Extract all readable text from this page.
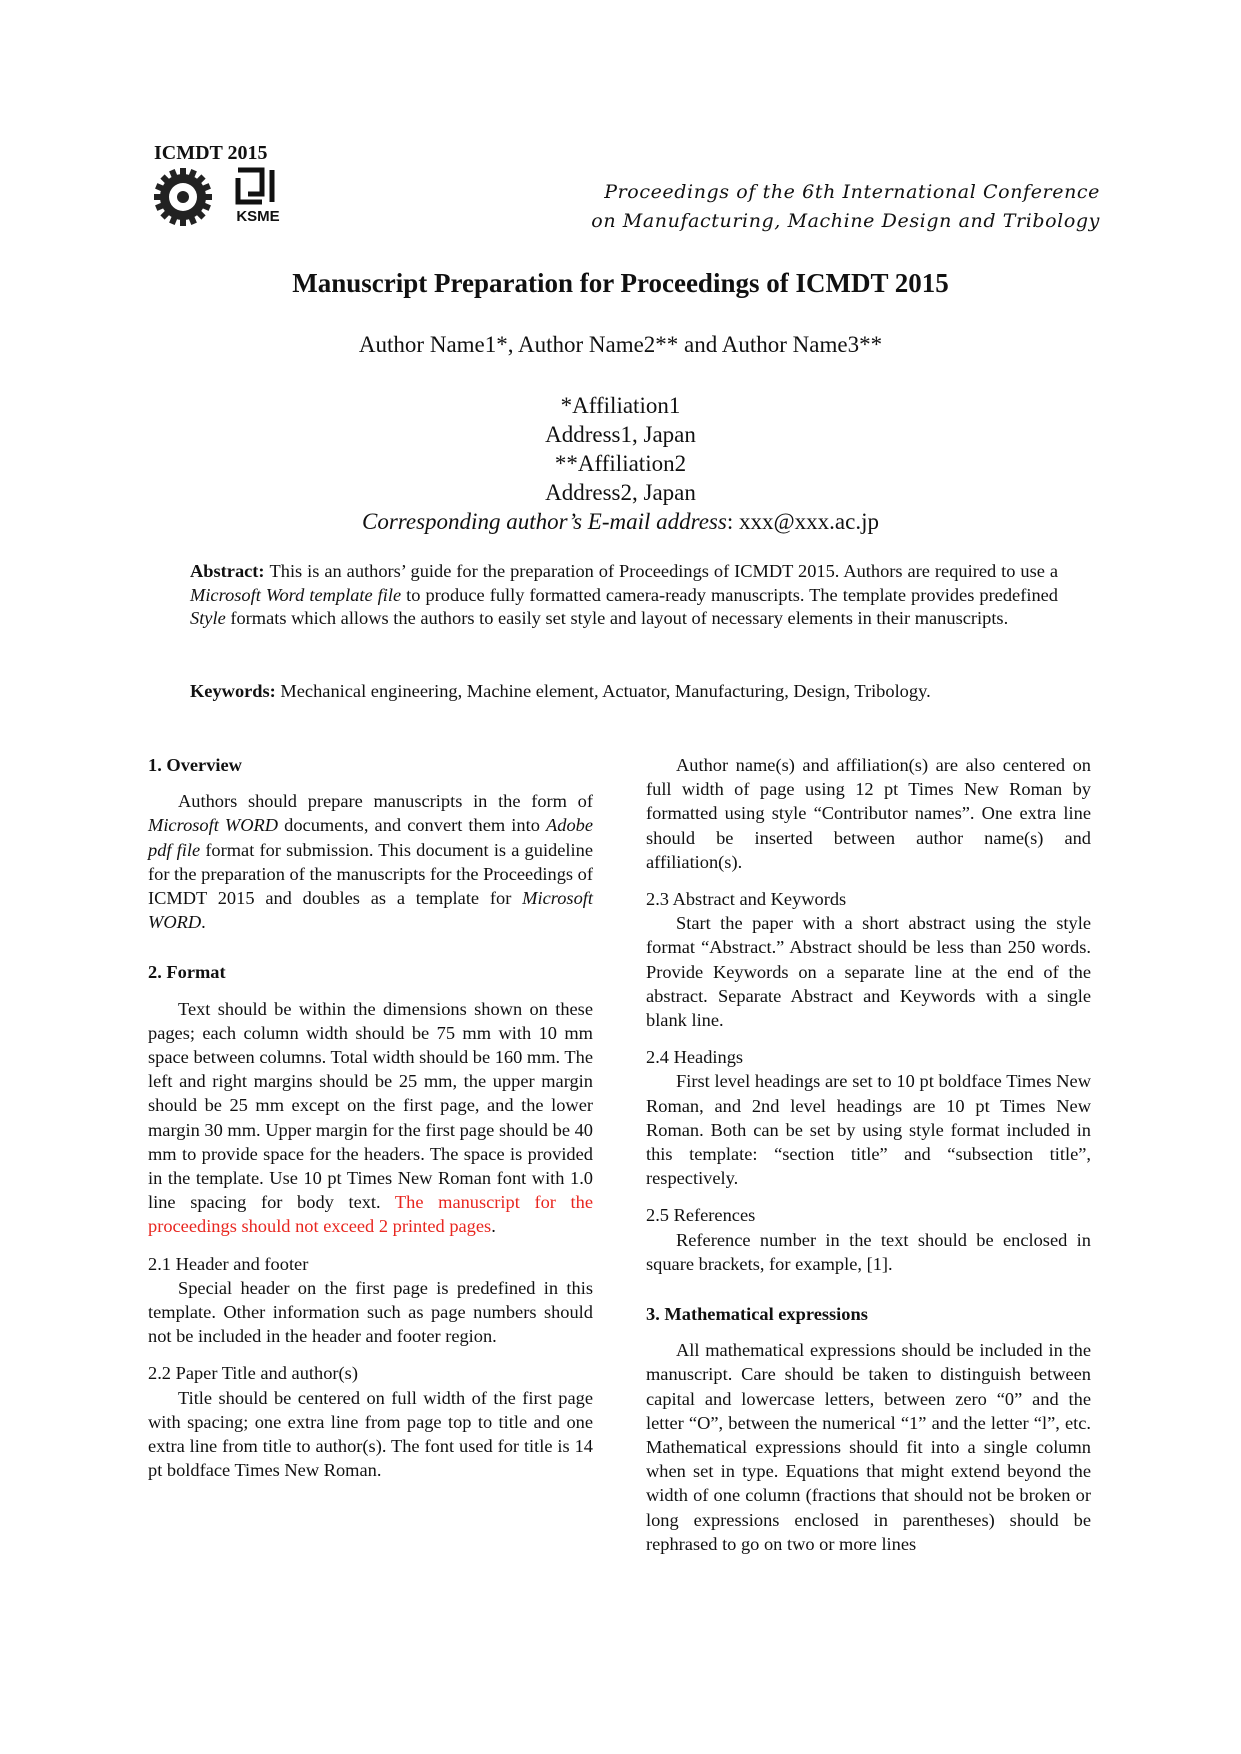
ICMDT 2015
KSME
Proceedings of the 6th International Conference
on Manufacturing, Machine Design and Tribology
Manuscript Preparation for Proceedings of ICMDT 2015
Author Name1*, Author Name2** and Author Name3**
*Affiliation1
Address1, Japan
**Affiliation2
Address2, Japan
Corresponding author’s E-mail address: xxx@xxx.ac.jp
Abstract: This is an authors’ guide for the preparation of Proceedings of ICMDT 2015. Authors are required to use a Microsoft Word template file to produce fully formatted camera-ready manuscripts. The template provides predefined Style formats which allows the authors to easily set style and layout of necessary elements in their manuscripts.
Keywords: Mechanical engineering, Machine element, Actuator, Manufacturing, Design, Tribology.
1. Overview

Authors should prepare manuscripts in the form of Microsoft WORD documents, and convert them into Adobe pdf file format for submission. This document is a guideline for the preparation of the manuscripts for the Proceedings of ICMDT 2015 and doubles as a template for Microsoft WORD.

2. Format

Text should be within the dimensions shown on these pages; each column width should be 75 mm with 10 mm space between columns. Total width should be 160 mm. The left and right margins should be 25 mm, the upper margin should be 25 mm except on the first page, and the lower margin 30 mm. Upper margin for the first page should be 40 mm to provide space for the headers. The space is provided in the template. Use 10 pt Times New Roman font with 1.0 line spacing for body text. The manuscript for the proceedings should not exceed 2 printed pages.

2.1 Header and footer

Special header on the first page is predefined in this template. Other information such as page numbers should not be included in the header and footer region.

2.2 Paper Title and author(s)

Title should be centered on full width of the first page with spacing; one extra line from page top to title and one extra line from title to author(s). The font used for title is 14 pt boldface Times New Roman.

Author name(s) and affiliation(s) are also centered on full width of page using 12 pt Times New Roman by formatted using style “Contributor names”. One extra line should be inserted between author name(s) and affiliation(s).

2.3 Abstract and Keywords

Start the paper with a short abstract using the style format “Abstract.” Abstract should be less than 250 words. Provide Keywords on a separate line at the end of the abstract. Separate Abstract and Keywords with a single blank line.

2.4 Headings

First level headings are set to 10 pt boldface Times New Roman, and 2nd level headings are 10 pt Times New Roman. Both can be set by using style format included in this template: “section title” and “subsection title”, respectively.

2.5 References

Reference number in the text should be enclosed in square brackets, for example, [1].

3. Mathematical expressions

All mathematical expressions should be included in the manuscript. Care should be taken to distinguish between capital and lowercase letters, between zero “0” and the letter “O”, between the numerical “1” and the letter “l”, etc. Mathematical expressions should fit into a single column when set in type. Equations that might extend beyond the width of one column (fractions that should not be broken or long expressions enclosed in parentheses) should be rephrased to go on two or more lines
